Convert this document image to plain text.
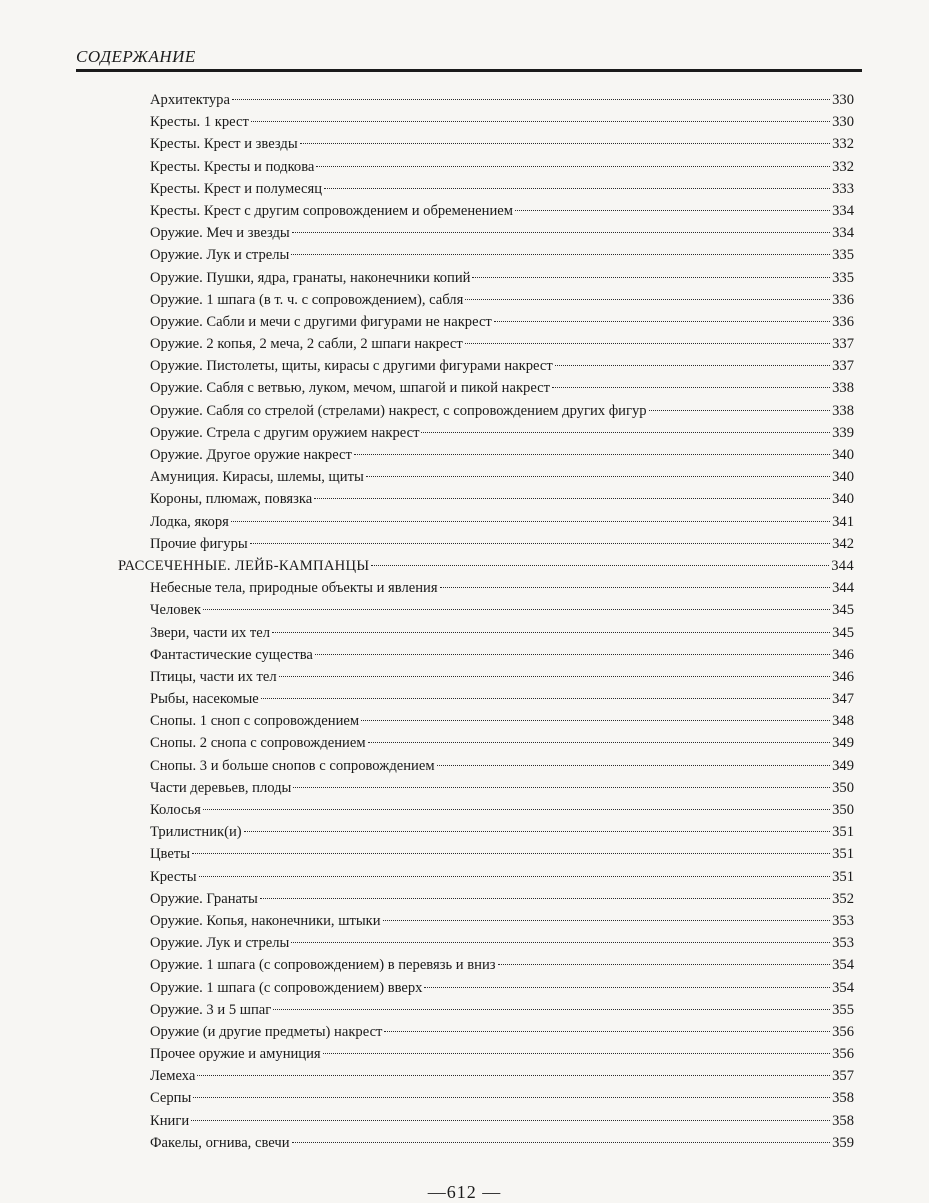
СОДЕРЖАНИЕ
Архитектура	330
Кресты. 1 крест	330
Кресты. Крест и звезды	332
Кресты. Кресты и подкова	332
Кресты. Крест и полумесяц	333
Кресты. Крест с другим сопровождением и обременением	334
Оружие. Меч и звезды	334
Оружие. Лук и стрелы	335
Оружие. Пушки, ядра, гранаты, наконечники копий	335
Оружие. 1 шпага (в т. ч. с сопровождением), сабля	336
Оружие. Сабли и мечи с другими фигурами не накрест	336
Оружие. 2 копья, 2 меча, 2 сабли, 2 шпаги накрест	337
Оружие. Пистолеты, щиты, кирасы с другими фигурами накрест	337
Оружие. Сабля с ветвью, луком, мечом, шпагой и пикой накрест	338
Оружие. Сабля со стрелой (стрелами) накрест, с сопровождением других фигур	338
Оружие. Стрела с другим оружием накрест	339
Оружие. Другое оружие накрест	340
Амуниция. Кирасы, шлемы, щиты	340
Короны, плюмаж, повязка	340
Лодка, якоря	341
Прочие фигуры	342
РАССЕЧЕННЫЕ. ЛЕЙБ-КАМПАНЦЫ	344
Небесные тела, природные объекты и явления	344
Человек	345
Звери, части их тел	345
Фантастические существа	346
Птицы, части их тел	346
Рыбы, насекомые	347
Снопы. 1 сноп с сопровождением	348
Снопы. 2 снопа с сопровождением	349
Снопы. 3 и больше снопов с сопровождением	349
Части деревьев, плоды	350
Колосья	350
Трилистник(и)	351
Цветы	351
Кресты	351
Оружие. Гранаты	352
Оружие. Копья, наконечники, штыки	353
Оружие. Лук и стрелы	353
Оружие. 1 шпага (с сопровождением) в перевязь и вниз	354
Оружие. 1 шпага (с сопровождением) вверх	354
Оружие. 3 и 5 шпаг	355
Оружие (и другие предметы) накрест	356
Прочее оружие и амуниция	356
Лемеха	357
Серпы	358
Книги	358
Факелы, огнива, свечи	359
—612 —
